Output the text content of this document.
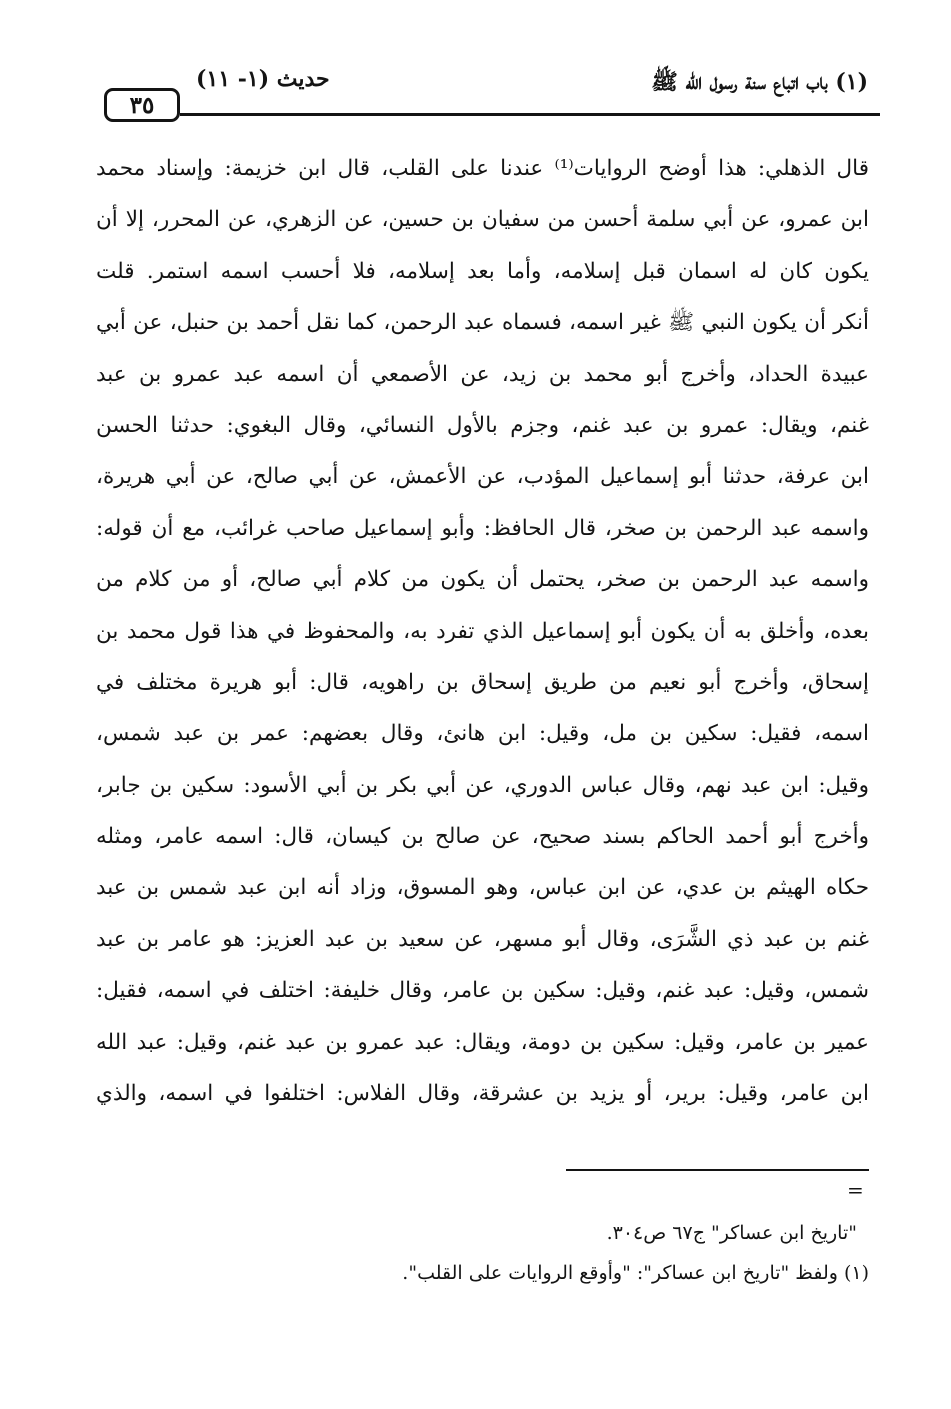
٣٥
حديث (١- ١١)	(١) باب اتباع سنة رسول الله ﷺ
قال الذهلي: هذا أوضح الروايات⁽¹⁾ عندنا على القلب، قال ابن خزيمة: وإسناد محمد
ابن عمرو، عن أبي سلمة أحسن من سفيان بن حسين، عن الزهري، عن المحرر، إلا أن
يكون كان له اسمان قبل إسلامه، وأما بعد إسلامه، فلا أحسب اسمه استمر. قلت
أنكر أن يكون النبي ﷺ غير اسمه، فسماه عبد الرحمن، كما نقل أحمد بن حنبل، عن أبي
عبيدة الحداد، وأخرج أبو محمد بن زيد، عن الأصمعي أن اسمه عبد عمرو بن عبد
غنم، ويقال: عمرو بن عبد غنم، وجزم بالأول النسائي، وقال البغوي: حدثنا الحسن
ابن عرفة، حدثنا أبو إسماعيل المؤدب، عن الأعمش، عن أبي صالح، عن أبي هريرة،
واسمه عبد الرحمن بن صخر، قال الحافظ: وأبو إسماعيل صاحب غرائب، مع أن قوله:
واسمه عبد الرحمن بن صخر، يحتمل أن يكون من كلام أبي صالح، أو من كلام من
بعده، وأخلق به أن يكون أبو إسماعيل الذي تفرد به، والمحفوظ في هذا قول محمد بن
إسحاق، وأخرج أبو نعيم من طريق إسحاق بن راهويه، قال: أبو هريرة مختلف في
اسمه، فقيل: سكين بن مل، وقيل: ابن هانئ، وقال بعضهم: عمر بن عبد شمس،
وقيل: ابن عبد نهم، وقال عباس الدوري، عن أبي بكر بن أبي الأسود: سكين بن جابر،
وأخرج أبو أحمد الحاكم بسند صحيح، عن صالح بن كيسان، قال: اسمه عامر، ومثله
حكاه الهيثم بن عدي، عن ابن عباس، وهو المسوق، وزاد أنه ابن عبد شمس بن عبد
غنم بن عبد ذي الشَّرَى، وقال أبو مسهر، عن سعيد بن عبد العزيز: هو عامر بن عبد
شمس، وقيل: عبد غنم، وقيل: سكين بن عامر، وقال خليفة: اختلف في اسمه، فقيل:
عمير بن عامر، وقيل: سكين بن دومة، ويقال: عبد عمرو بن عبد غنم، وقيل: عبد الله
ابن عامر، وقيل: برير، أو يزيد بن عشرقة، وقال الفلاس: اختلفوا في اسمه، والذي
=
"تاريخ ابن عساكر" ج٦٧ ص٣٠٤.
(١) ولفظ "تاريخ ابن عساكر": "وأوقع الروايات على القلب".
